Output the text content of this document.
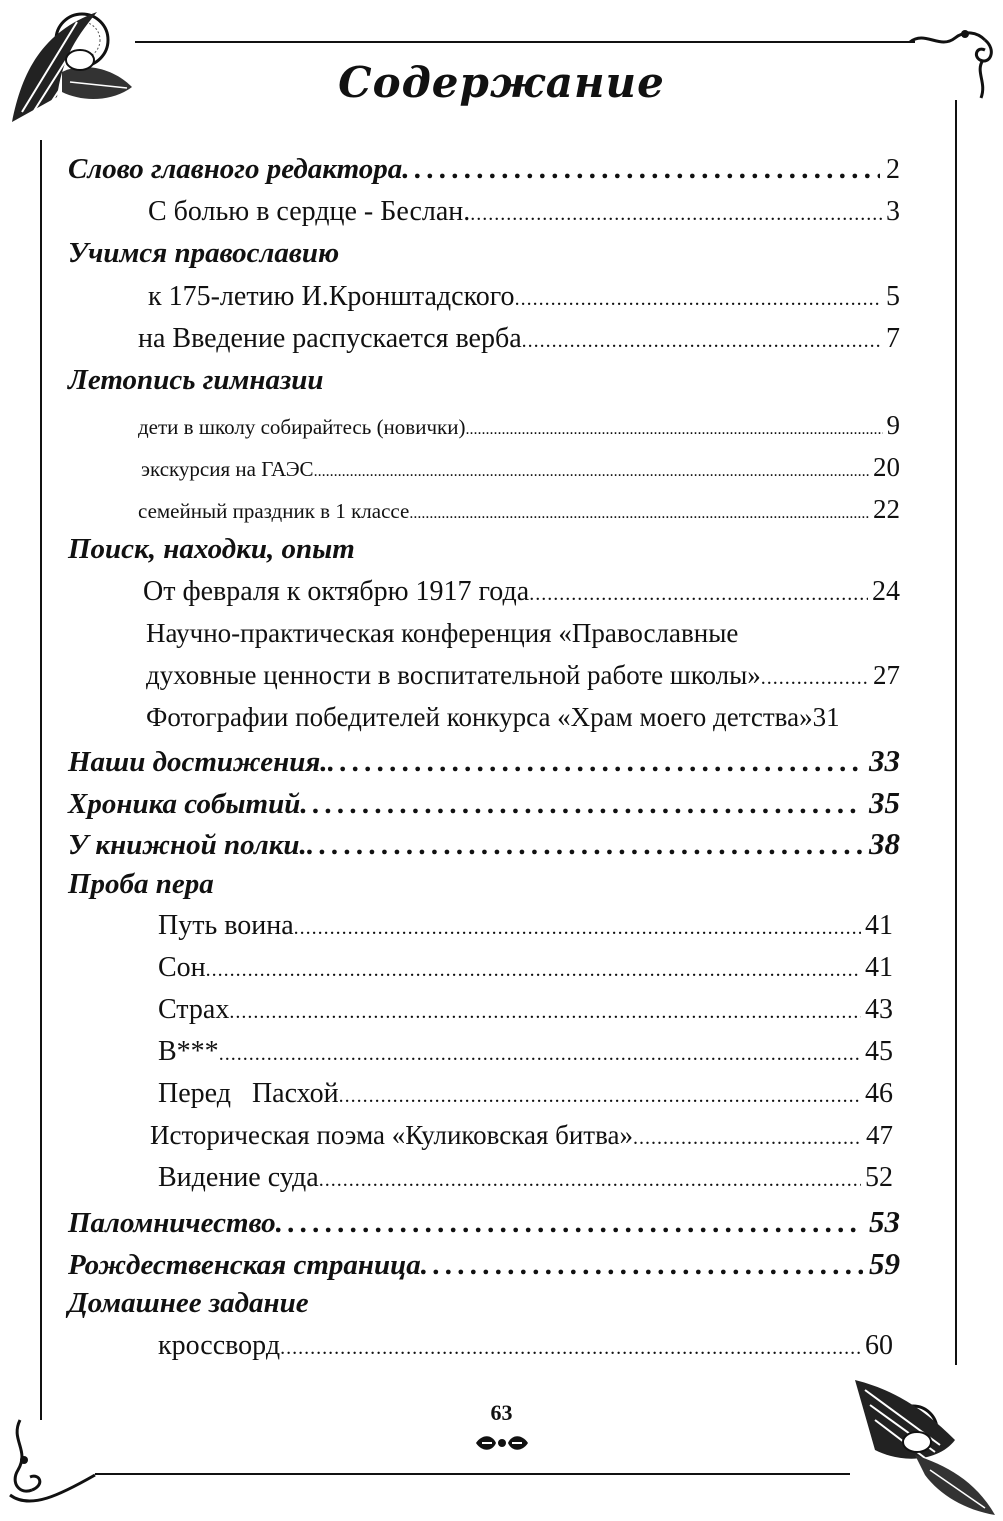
Содержание
Слово главного редактора . . .	2
С болью в сердце - Беслан. . . .	3
Учимся православию
к 175-летию И.Кронштадского . . .	5
на Введение распускается верба . . .	7
Летопись гимназии
дети в школу собирайтесь (новички) . . .	9
экскурсия на ГАЭС . . .	20
семейный праздник в 1 классе . . .	22
Поиск, находки, опыт
От февраля к октябрю 1917 года . . .	24
Научно-практическая конференция «Православные
духовные ценности в воспитательной работе школы» . . .	27
Фотографии победителей конкурса «Храм моего детства» 31
Наши достижения. . . .	33
Хроника событий . . .	35
У книжной полки. . . .	38
Проба пера
Путь воина . . .	41
Сон . . .	41
Страх . . .	43
В*** . . .	45
Перед   Пасхой . . .	46
Историческая поэма «Куликовская битва» . . .	47
Видение суда . . .	52
Паломничество . . .	53
Рождественская страница . . .	59
Домашнее задание
кроссворд . . .	60
63
